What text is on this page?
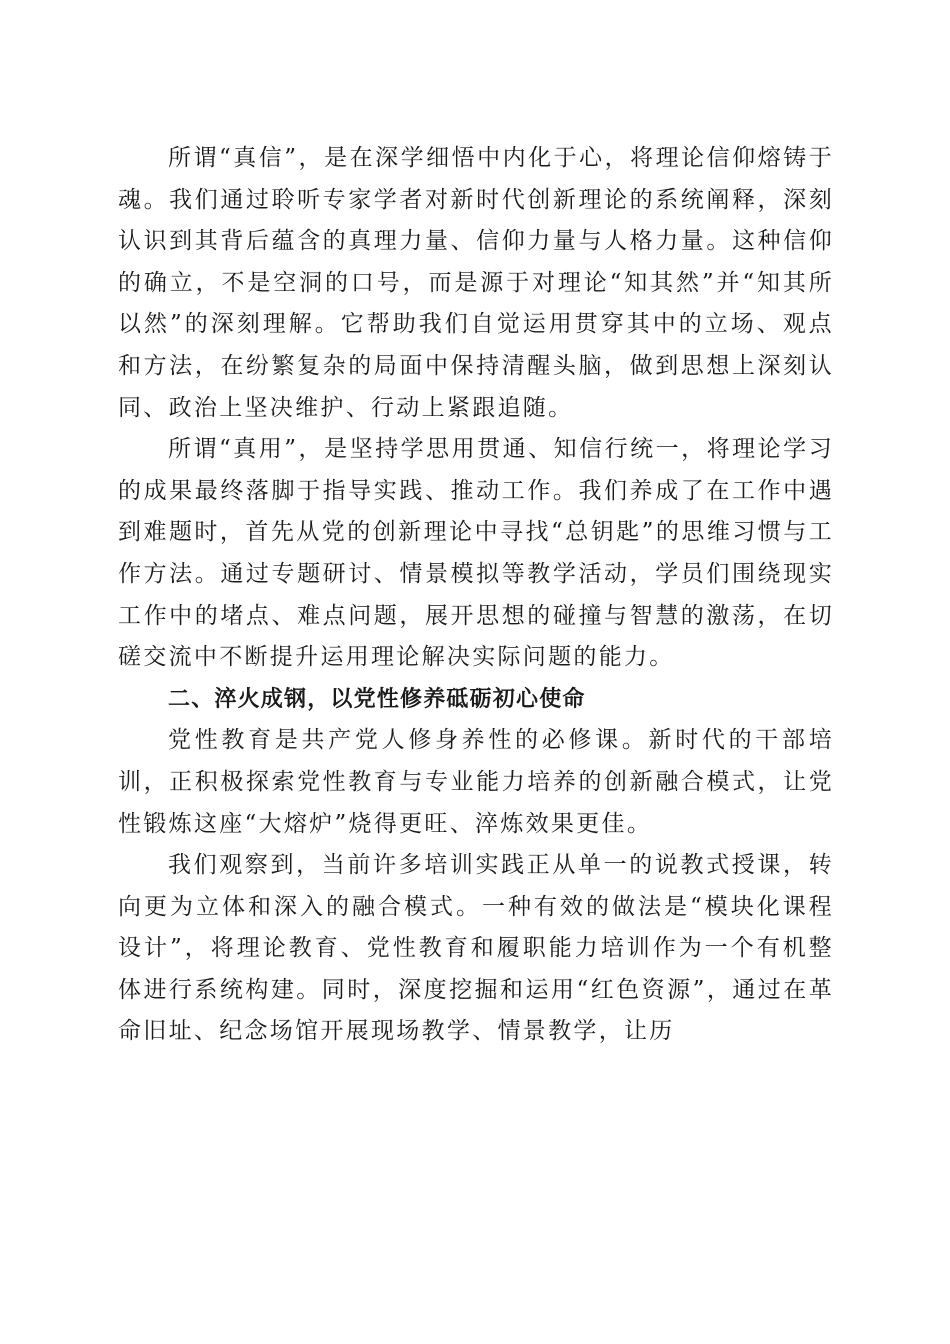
所谓“真信”，是在深学细悟中内化于心，将理论信仰熔铸于魂。我们通过聆听专家学者对新时代创新理论的系统阐释，深刻认识到其背后蕴含的真理力量、信仰力量与人格力量。这种信仰的确立，不是空洞的口号，而是源于对理论“知其然”并“知其所以然”的深刻理解。它帮助我们自觉运用贯穿其中的立场、观点和方法，在纷繁复杂的局面中保持清醒头脑，做到思想上深刻认同、政治上坚决维护、行动上紧跟追随。

所谓“真用”，是坚持学思用贯通、知信行统一，将理论学习的成果最终落脚于指导实践、推动工作。我们养成了在工作中遇到难题时，首先从党的创新理论中寻找“总钥匙”的思维习惯与工作方法。通过专题研讨、情景模拟等教学活动，学员们围绕现实工作中的堵点、难点问题，展开思想的碰撞与智慧的激荡，在切磋交流中不断提升运用理论解决实际问题的能力。

二、淬火成钢，以党性修养砥砺初心使命

党性教育是共产党人修身养性的必修课。新时代的干部培训，正积极探索党性教育与专业能力培养的创新融合模式，让党性锻炼这座“大熔炉”烧得更旺、淬炼效果更佳。

我们观察到，当前许多培训实践正从单一的说教式授课，转向更为立体和深入的融合模式。一种有效的做法是“模块化课程设计”，将理论教育、党性教育和履职能力培训作为一个有机整体进行系统构建。同时，深度挖掘和运用“红色资源”，通过在革命旧址、纪念场馆开展现场教学、情景教学，让历
